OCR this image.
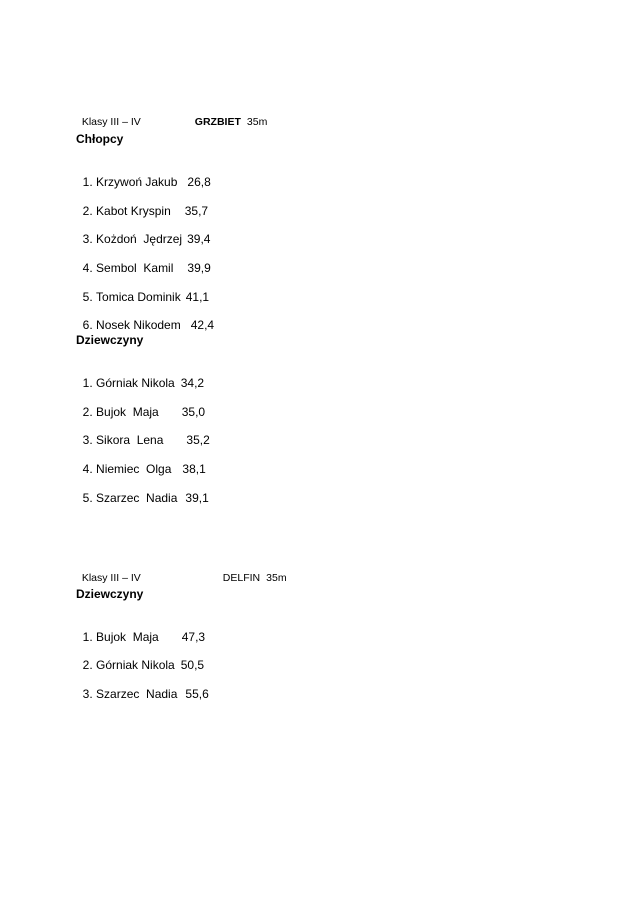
Klasy III – IV	GRZBIET 35m

Chłopcy

1. Krzywoń Jakub 26,8

2. Kabot Kryspin 35,7

3. Kożdoń  Jędrzej 39,4

4. Sembol  Kamil 39,9

5. Tomica Dominik 41,1

6. Nosek Nikodem 42,4

Dziewczyny

1. Górniak Nikola 34,2

2. Bujok  Maja 35,0

3. Sikora  Lena 35,2

4. Niemiec  Olga 38,1

5. Szarzec  Nadia 39,1

Klasy III – IV	DELFIN 35m

Dziewczyny

1. Bujok  Maja 47,3

2. Górniak Nikola 50,5

3. Szarzec  Nadia 55,6
